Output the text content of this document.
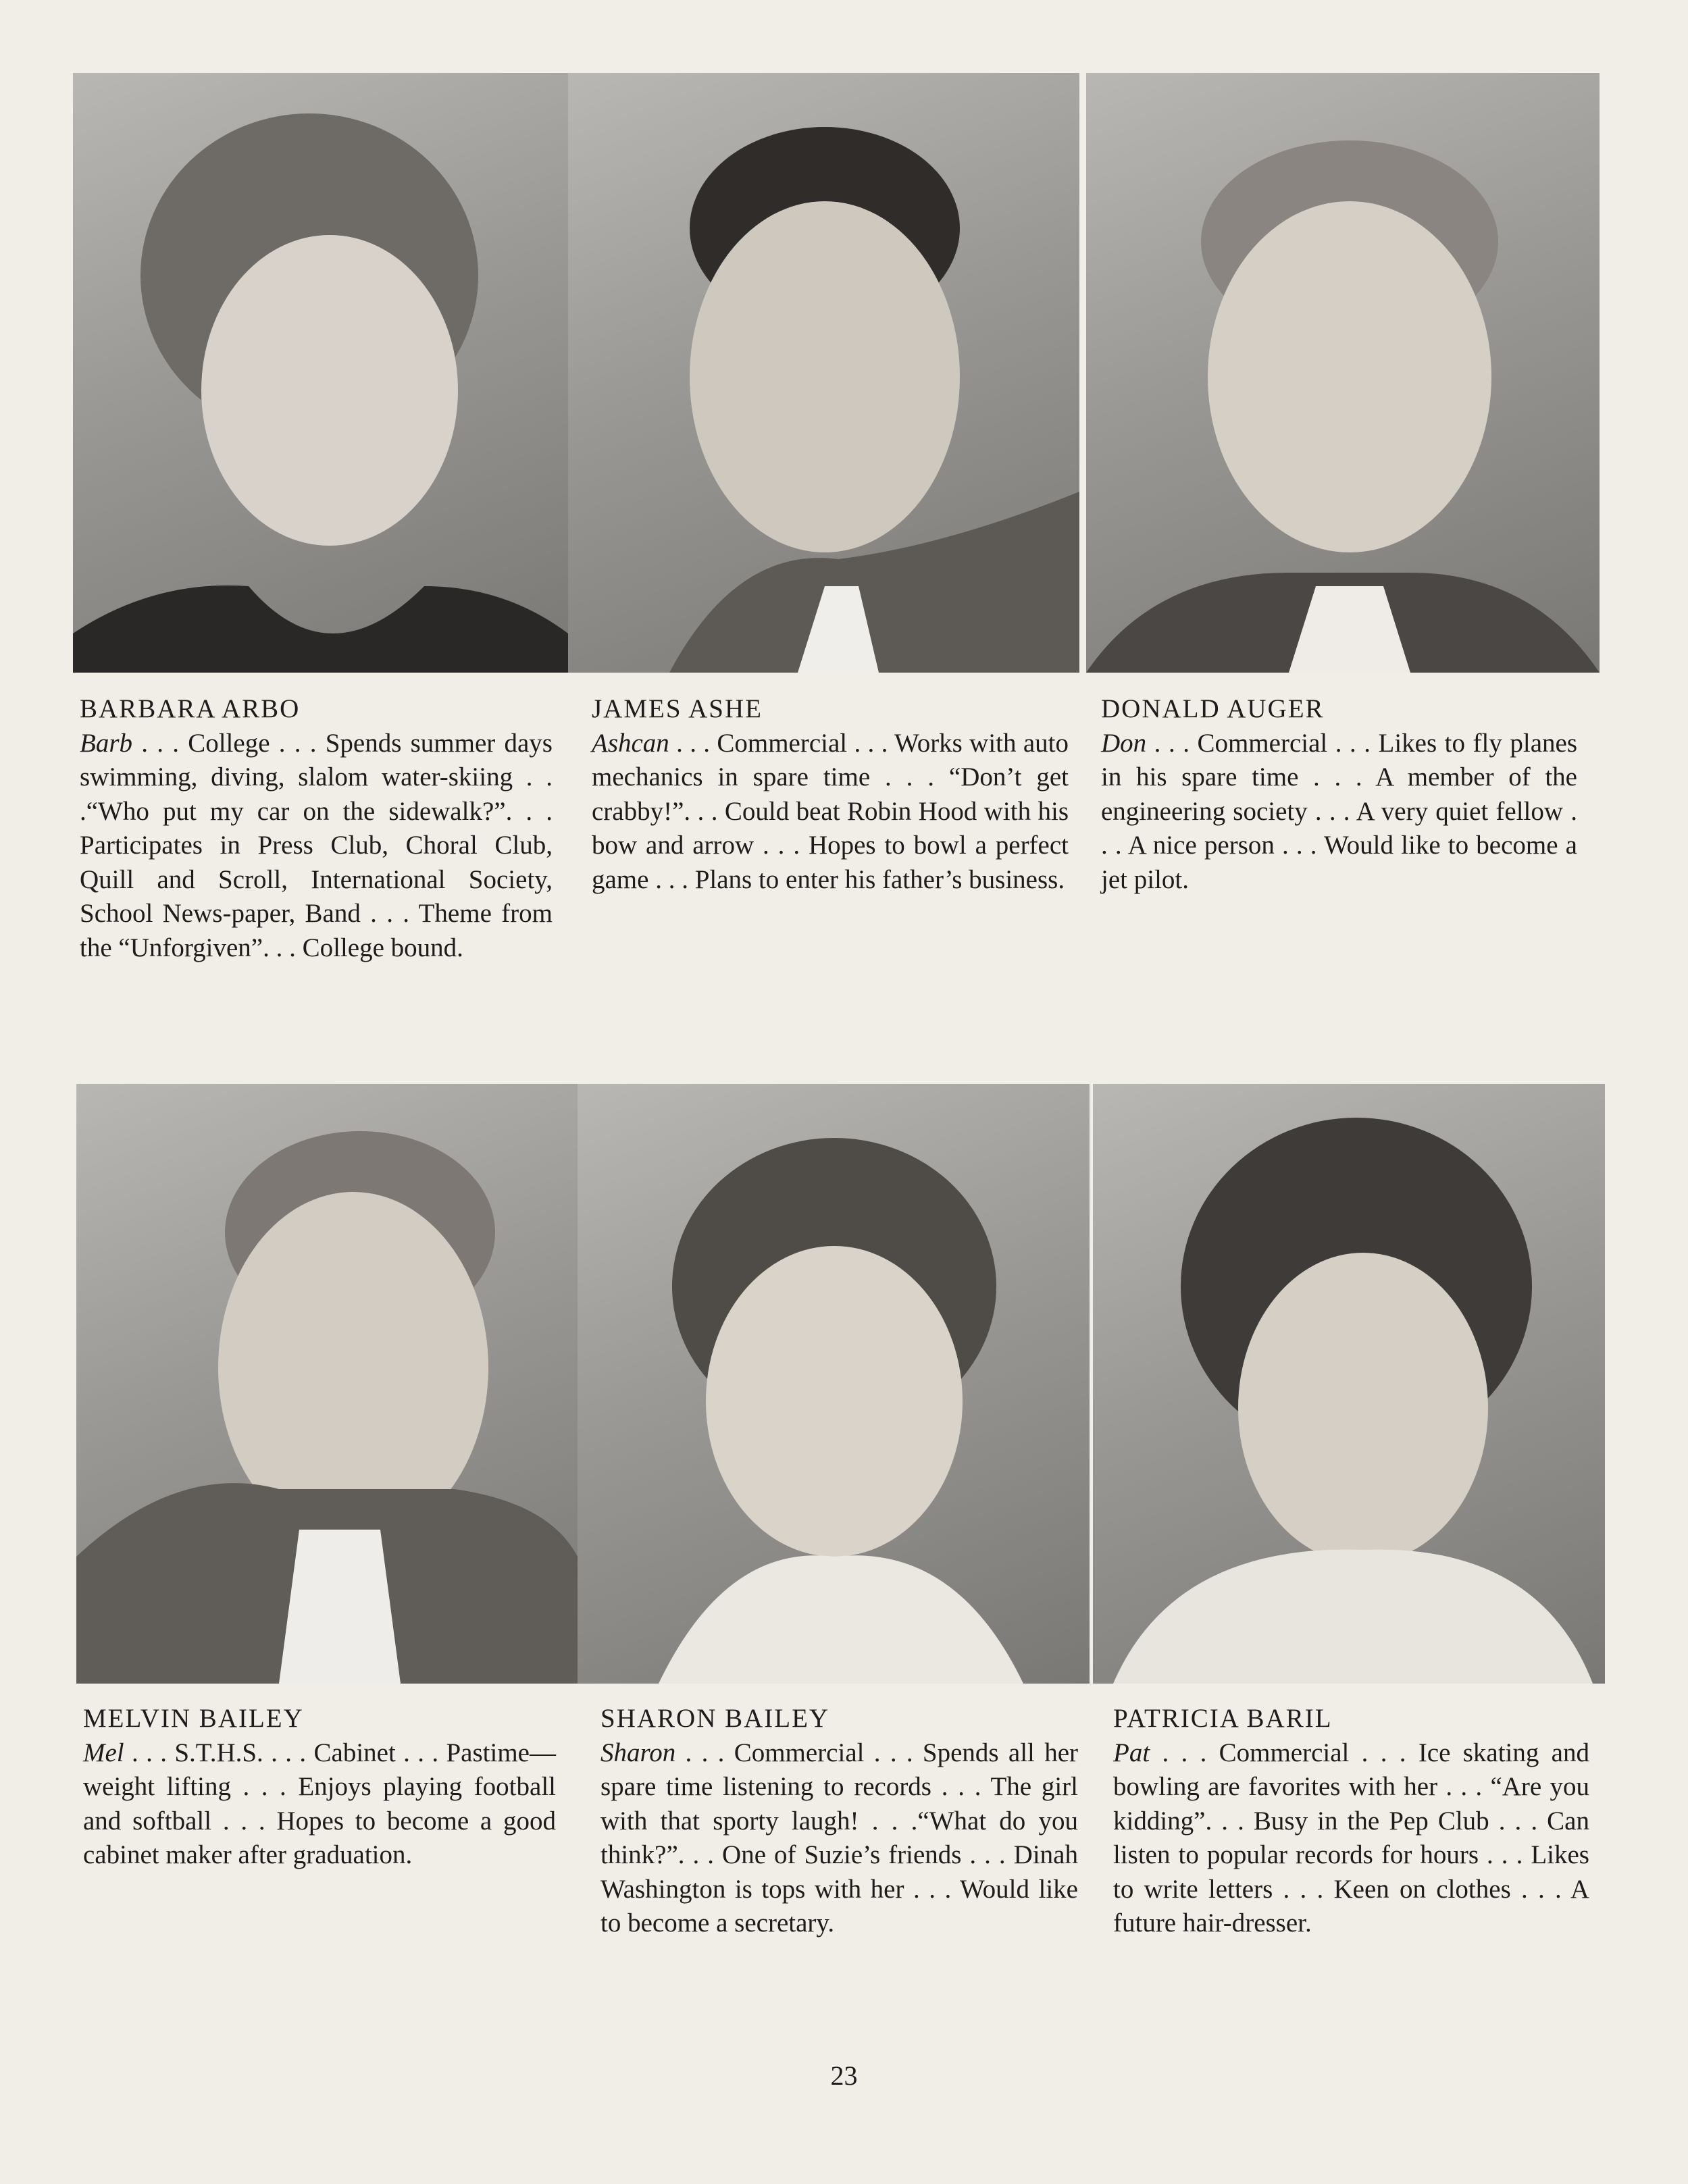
BARBARA ARBO
Barb . . . College . . . Spends summer days swimming, diving, slalom water-skiing . . .“Who put my car on the sidewalk?”. . . Participates in Press Club, Choral Club, Quill and Scroll, International Society, School News-paper, Band . . . Theme from the “Unforgiven”. . . College bound.
JAMES ASHE
Ashcan . . . Commercial . . . Works with auto mechanics in spare time . . . “Don’t get crabby!”. . . Could beat Robin Hood with his bow and arrow . . . Hopes to bowl a perfect game . . . Plans to enter his father’s business.
DONALD AUGER
Don . . . Commercial . . . Likes to fly planes in his spare time . . . A member of the engineering society . . . A very quiet fellow . . . A nice person . . . Would like to become a jet pilot.
MELVIN BAILEY
Mel . . . S.T.H.S. . . . Cabinet . . . Pastime—weight lifting . . . Enjoys playing football and softball . . . Hopes to become a good cabinet maker after graduation.
SHARON BAILEY
Sharon . . . Commercial . . . Spends all her spare time listening to records . . . The girl with that sporty laugh! . . .“What do you think?”. . . One of Suzie’s friends . . . Dinah Washington is tops with her . . . Would like to become a secretary.
PATRICIA BARIL
Pat . . . Commercial . . . Ice skating and bowling are favorites with her . . . “Are you kidding”. . . Busy in the Pep Club . . . Can listen to popular records for hours . . . Likes to write letters . . . Keen on clothes . . . A future hair-dresser.
23
